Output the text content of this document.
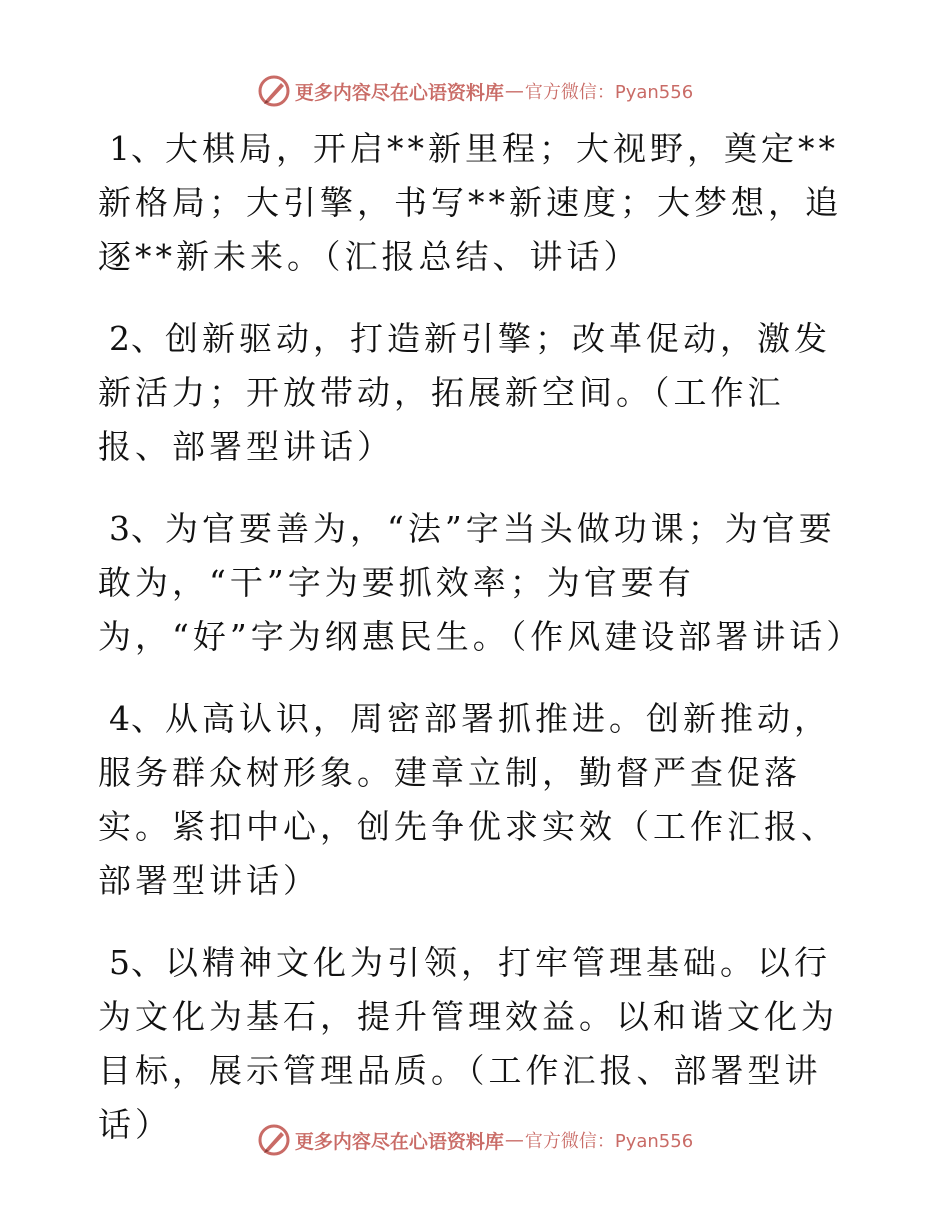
更多内容尽在心语资料库 — 官方微信：Pyan556

1、大棋局，开启**新里程；大视野，奠定**新格局；大引擎，书写**新速度；大梦想，追逐**新未来。（汇报总结、讲话）

2、创新驱动，打造新引擎；改革促动，激发新活力；开放带动，拓展新空间。（工作汇报、部署型讲话）

3、为官要善为，“法”字当头做功课；为官要敢为，“干”字为要抓效率；为官要有为，“好”字为纲惠民生。（作风建设部署讲话）

4、从高认识，周密部署抓推进。创新推动，服务群众树形象。建章立制，勤督严查促落实。紧扣中心，创先争优求实效（工作汇报、部署型讲话）

5、以精神文化为引领，打牢管理基础。以行为文化为基石，提升管理效益。以和谐文化为目标，展示管理品质。（工作汇报、部署型讲话）	更多内容尽在心语资料库 — 官方微信：Pyan556
